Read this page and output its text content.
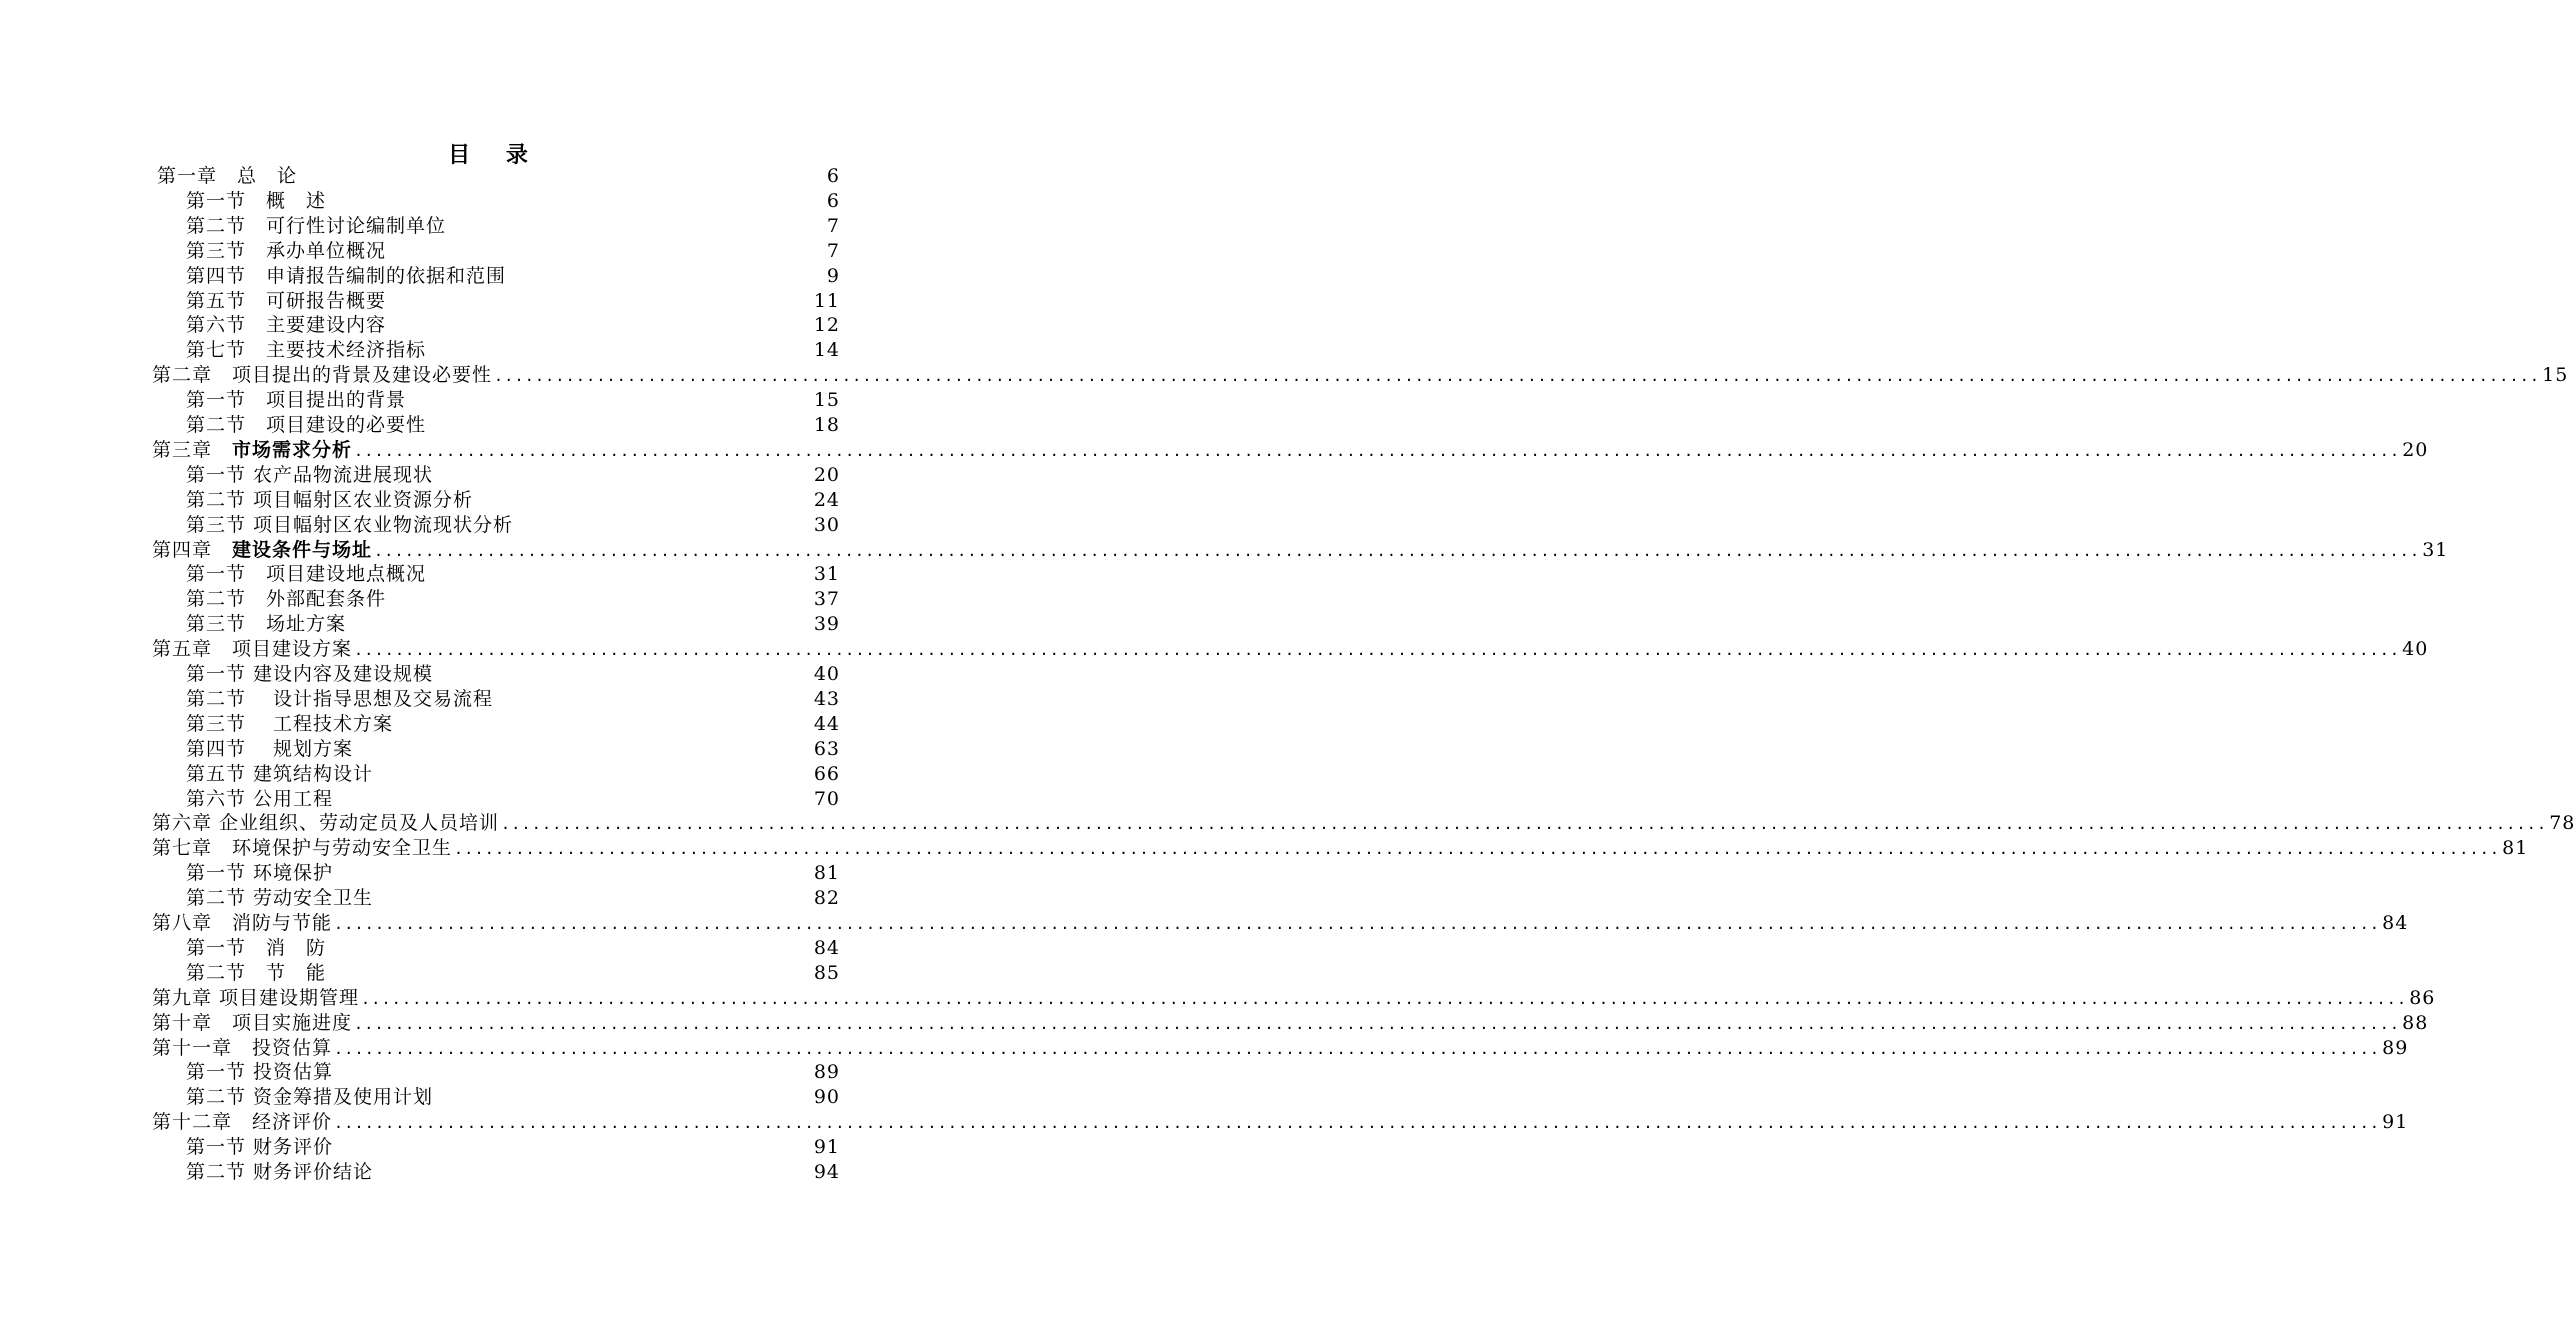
目 录
第一章　总　论	6
第一节　概　述	6
第二节　可行性讨论编制单位	7
第三节　承办单位概况	7
第四节　申请报告编制的依据和范围	9
第五节　可研报告概要	11
第六节　主要建设内容	12
第七节　主要技术经济指标	14
第二章　项目提出的背景及建设必要性 ........................................................................................................................................................................................................ 15
第一节　项目提出的背景	15
第二节　项目建设的必要性	18
第三章　 市场需求分析 ........................................................................................................................................................................................................ 20
第一节 农产品物流进展现状	20
第二节 项目幅射区农业资源分析	24
第三节 项目幅射区农业物流现状分析	30
第四章　 建设条件与场址 ........................................................................................................................................................................................................ 31
第一节　项目建设地点概况	31
第二节　外部配套条件	37
第三节　场址方案	39
第五章　项目建设方案 ........................................................................................................................................................................................................ 40
第一节 建设内容及建设规模	40
第二节　 设计指导思想及交易流程	43
第三节　 工程技术方案	44
第四节　 规划方案	63
第五节 建筑结构设计	66
第六节 公用工程	70
第六章 企业组织、劳动定员及人员培训 ........................................................................................................................................................................................................ 78
第七章　环境保护与劳动安全卫生 ........................................................................................................................................................................................................ 81
第一节 环境保护	81
第二节 劳动安全卫生	82
第八章　消防与节能 ........................................................................................................................................................................................................ 84
第一节　消　防	84
第二节　节　能	85
第九章 项目建设期管理 ........................................................................................................................................................................................................ 86
第十章　项目实施进度 ........................................................................................................................................................................................................ 88
第十一章　投资估算 ........................................................................................................................................................................................................ 89
第一节 投资估算	89
第二节 资金筹措及使用计划	90
第十二章　经济评价 ........................................................................................................................................................................................................ 91
第一节 财务评价	91
第二节 财务评价结论	94
